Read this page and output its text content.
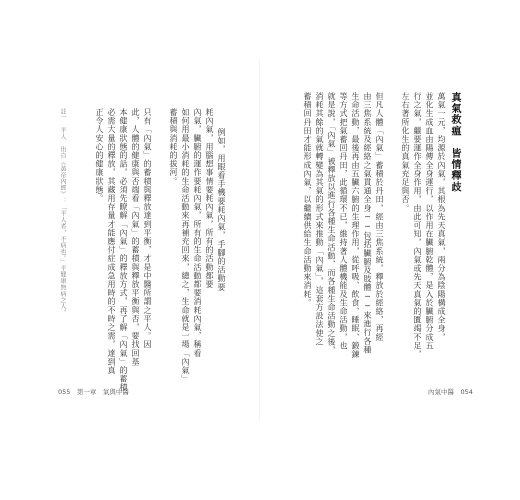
真氣救瘟　皆情釋歧
萬氣一元，均源於內氣，其根為先天真氣，兩分為陰陽構成全身，
並化生成血由陽傳全身運行，以作用在臟腑乾體，是入於臟腑分成五
行之氣，繼要運作全身作用，由此可知，內氣或先天真氣的匱竭不足，
左右著所化生的真氣充足與否。
但凡人體「內氣」蓄積於丹田，經由三焦系統，釋放於經絡，再經
由三焦系統及經絡之氣貫通全身──包括臟腑及肢體──來進行各種
生命活動，最後再由五臟六腑的生理作用，從呼吸、飲食、睡眠、鍛鍊
等方式把氣蓄回丹田，此循環不已，維持著人體機能及生命活動，也
就是說，「內氣」被釋放以進行各種生命活動，而各種生命活動之後，
消耗其餘的氣就轉變為其氣的形式來推動「內氣」，這套方設法使之
蓄積回丹田才能形成內氣，以繼續供給生命活動來消耗。
內氣中醫　054
例如，用眼看手機要耗內氣，手腳的活動要
耗內氣，用腦想事情要耗內氣，所有的活動都要
內氣，臟腑的運作要耗內氣，所有的生命活動都要消耗內氣，稱看
如何用最小消耗的生命活動來再補充回來，總之，生命就是一場「內氣」
蓄積與消耗的拔河。
只有「內氣」的蓄積與釋放達到平衡，才是中醫所謂之平人。因
此，人體的健康與否端看「內氣」的蓄積與釋放平衡與否，要找回基
本健康狀態的話，必須先瞭解「內氣」的釋放方式，再了解「內氣」的蓄積
必需大量的釋放，其藏用存量才能應付症成急用時的不時之需，達到真
正令人安心的健康狀態。
註一　平人　出自《黃帝內經》：「平人者，不病也。」平健康無病之人。
055　第一章　氣與中醫
